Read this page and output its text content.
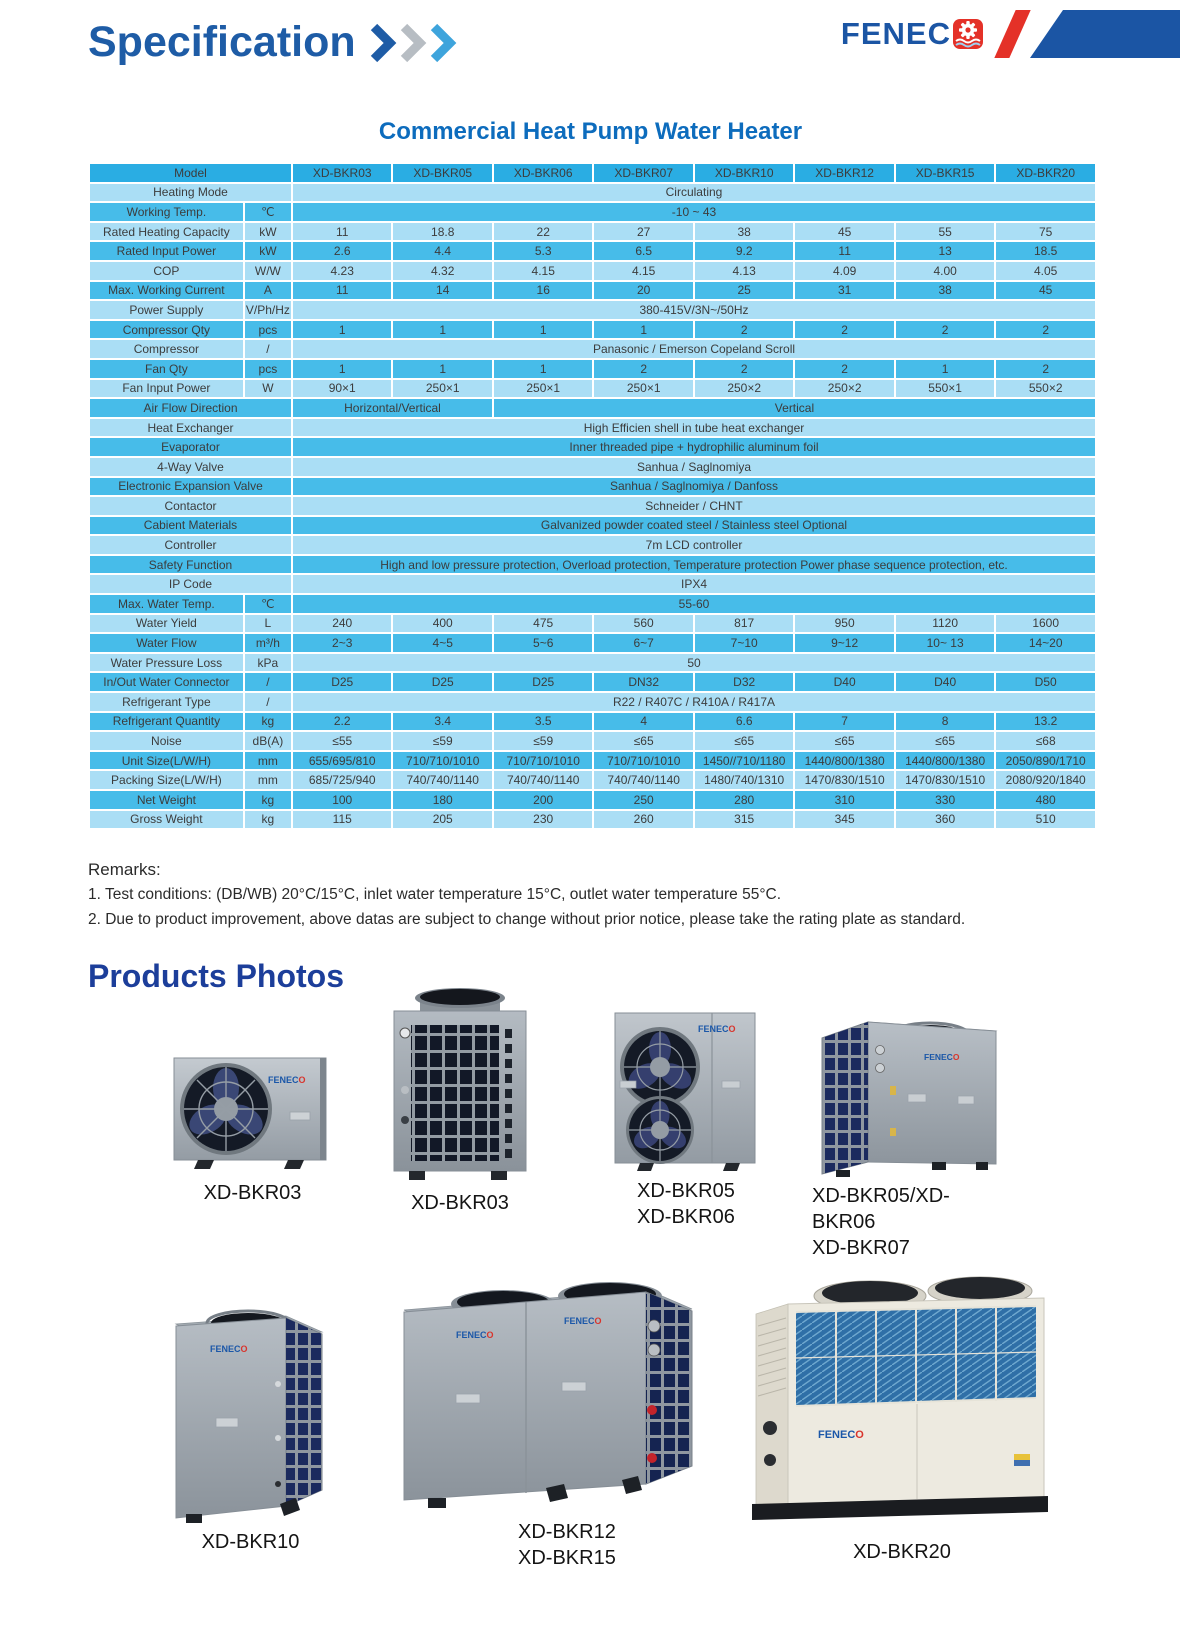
Specification	FENEC
Commercial Heat Pump Water Heater
Model		XD-BKR03	XD-BKR05	XD-BKR06	XD-BKR07	XD-BKR10	XD-BKR12	XD-BKR15	XD-BKR20
Heating Mode		Circulating							
Working Temp.	℃	-10 ~ 43							
Rated Heating Capacity	kW	11	18.8	22	27	38	45	55	75
Rated Input Power	kW	2.6	4.4	5.3	6.5	9.2	11	13	18.5
COP	W/W	4.23	4.32	4.15	4.15	4.13	4.09	4.00	4.05
Max. Working Current	A	11	14	16	20	25	31	38	45
Power Supply	V/Ph/Hz	380-415V/3N~/50Hz							
Compressor Qty	pcs	1	1	1	1	2	2	2	2
Compressor	/	Panasonic / Emerson Copeland Scroll							
Fan Qty	pcs	1	1	1	2	2	2	1	2
Fan Input Power	W	90×1	250×1	250×1	250×1	250×2	250×2	550×1	550×2
Air Flow Direction		Horizontal/Vertical		Vertical					
Heat Exchanger		High Efficien shell in tube heat exchanger							
Evaporator		Inner threaded pipe + hydrophilic aluminum foil							
4-Way Valve		Sanhua / Saglnomiya							
Electronic Expansion Valve		Sanhua / Saglnomiya / Danfoss							
Contactor		Schneider / CHNT							
Cabient Materials		Galvanized powder coated steel / Stainless steel Optional							
Controller		7m LCD controller							
Safety Function		High and low pressure protection, Overload protection, Temperature protection Power phase sequence protection, etc.							
IP Code		IPX4							
Max. Water Temp.	℃	55-60							
Water Yield	L	240	400	475	560	817	950	1120	1600
Water Flow	m³/h	2~3	4~5	5~6	6~7	7~10	9~12	10~ 13	14~20
Water Pressure Loss	kPa	50							
In/Out Water Connector	/	D25	D25	D25	DN32	D32	D40	D40	D50
Refrigerant Type	/	R22 / R407C / R410A / R417A							
Refrigerant Quantity	kg	2.2	3.4	3.5	4	6.6	7	8	13.2
Noise	dB(A)	≤55	≤59	≤59	≤65	≤65	≤65	≤65	≤68
Unit Size(L/W/H)	mm	655/695/810	710/710/1010	710/710/1010	710/710/1010	1450//710/1180	1440/800/1380	1440/800/1380	2050/890/1710
Packing Size(L/W/H)	mm	685/725/940	740/740/1140	740/740/1140	740/740/1140	1480/740/1310	1470/830/1510	1470/830/1510	2080/920/1840
Net Weight	kg	100	180	200	250	280	310	330	480
Gross Weight	kg	115	205	230	260	315	345	360	510
Remarks:
1. Test conditions: (DB/WB) 20°C/15°C, inlet water temperature 15°C, outlet water temperature 55°C.
2. Due to product improvement, above datas are subject to change without prior notice, please take the rating plate as standard.
Products Photos
FENECO
XD-BKR03	XD-BKR03
FENECO
XD-BKR05
XD-BKR06
FENECO
XD-BKR05/XD-BKR06
XD-BKR07
FENECO
XD-BKR10
FENECO
FENECO
XD-BKR12
XD-BKR15
FENECO
XD-BKR20
